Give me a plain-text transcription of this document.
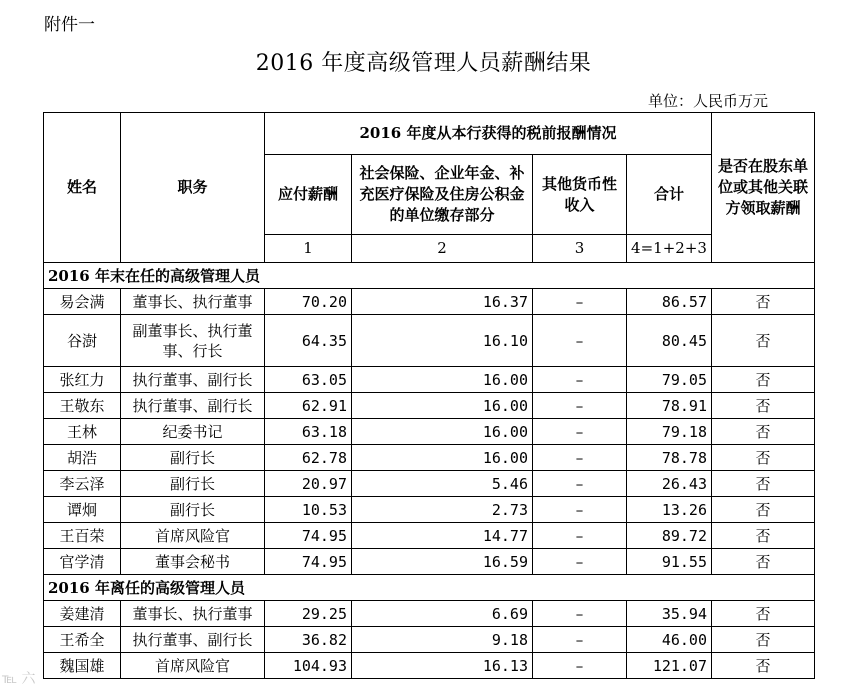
附件一
2016 年度高级管理人员薪酬结果
单位：人民币万元
姓名	职务	2016 年度从本行获得的税前报酬情况				是否在股东单位或其他关联方领取薪酬
		应付薪酬	社会保险、企业年金、补充医疗保险及住房公积金的单位缴存部分	其他货币性收入	合计	
		1	2	3	4=1+2+3	
2016 年末在任的高级管理人员						
易会满	董事长、执行董事	70.20	16.37	–	86.57	否
谷澍	副董事长、执行董事、行长	64.35	16.10	–	80.45	否
张红力	执行董事、副行长	63.05	16.00	–	79.05	否
王敬东	执行董事、副行长	62.91	16.00	–	78.91	否
王林	纪委书记	63.18	16.00	–	79.18	否
胡浩	副行长	62.78	16.00	–	78.78	否
李云泽	副行长	20.97	5.46	–	26.43	否
谭炯	副行长	10.53	2.73	–	13.26	否
王百荣	首席风险官	74.95	14.77	–	89.72	否
官学清	董事会秘书	74.95	16.59	–	91.55	否
2016 年离任的高级管理人员						
姜建清	董事长、执行董事	29.25	6.69	–	35.94	否
王希全	执行董事、副行长	36.82	9.18	–	46.00	否
魏国雄	首席风险官	104.93	16.13	–	121.07	否
℡ 六
